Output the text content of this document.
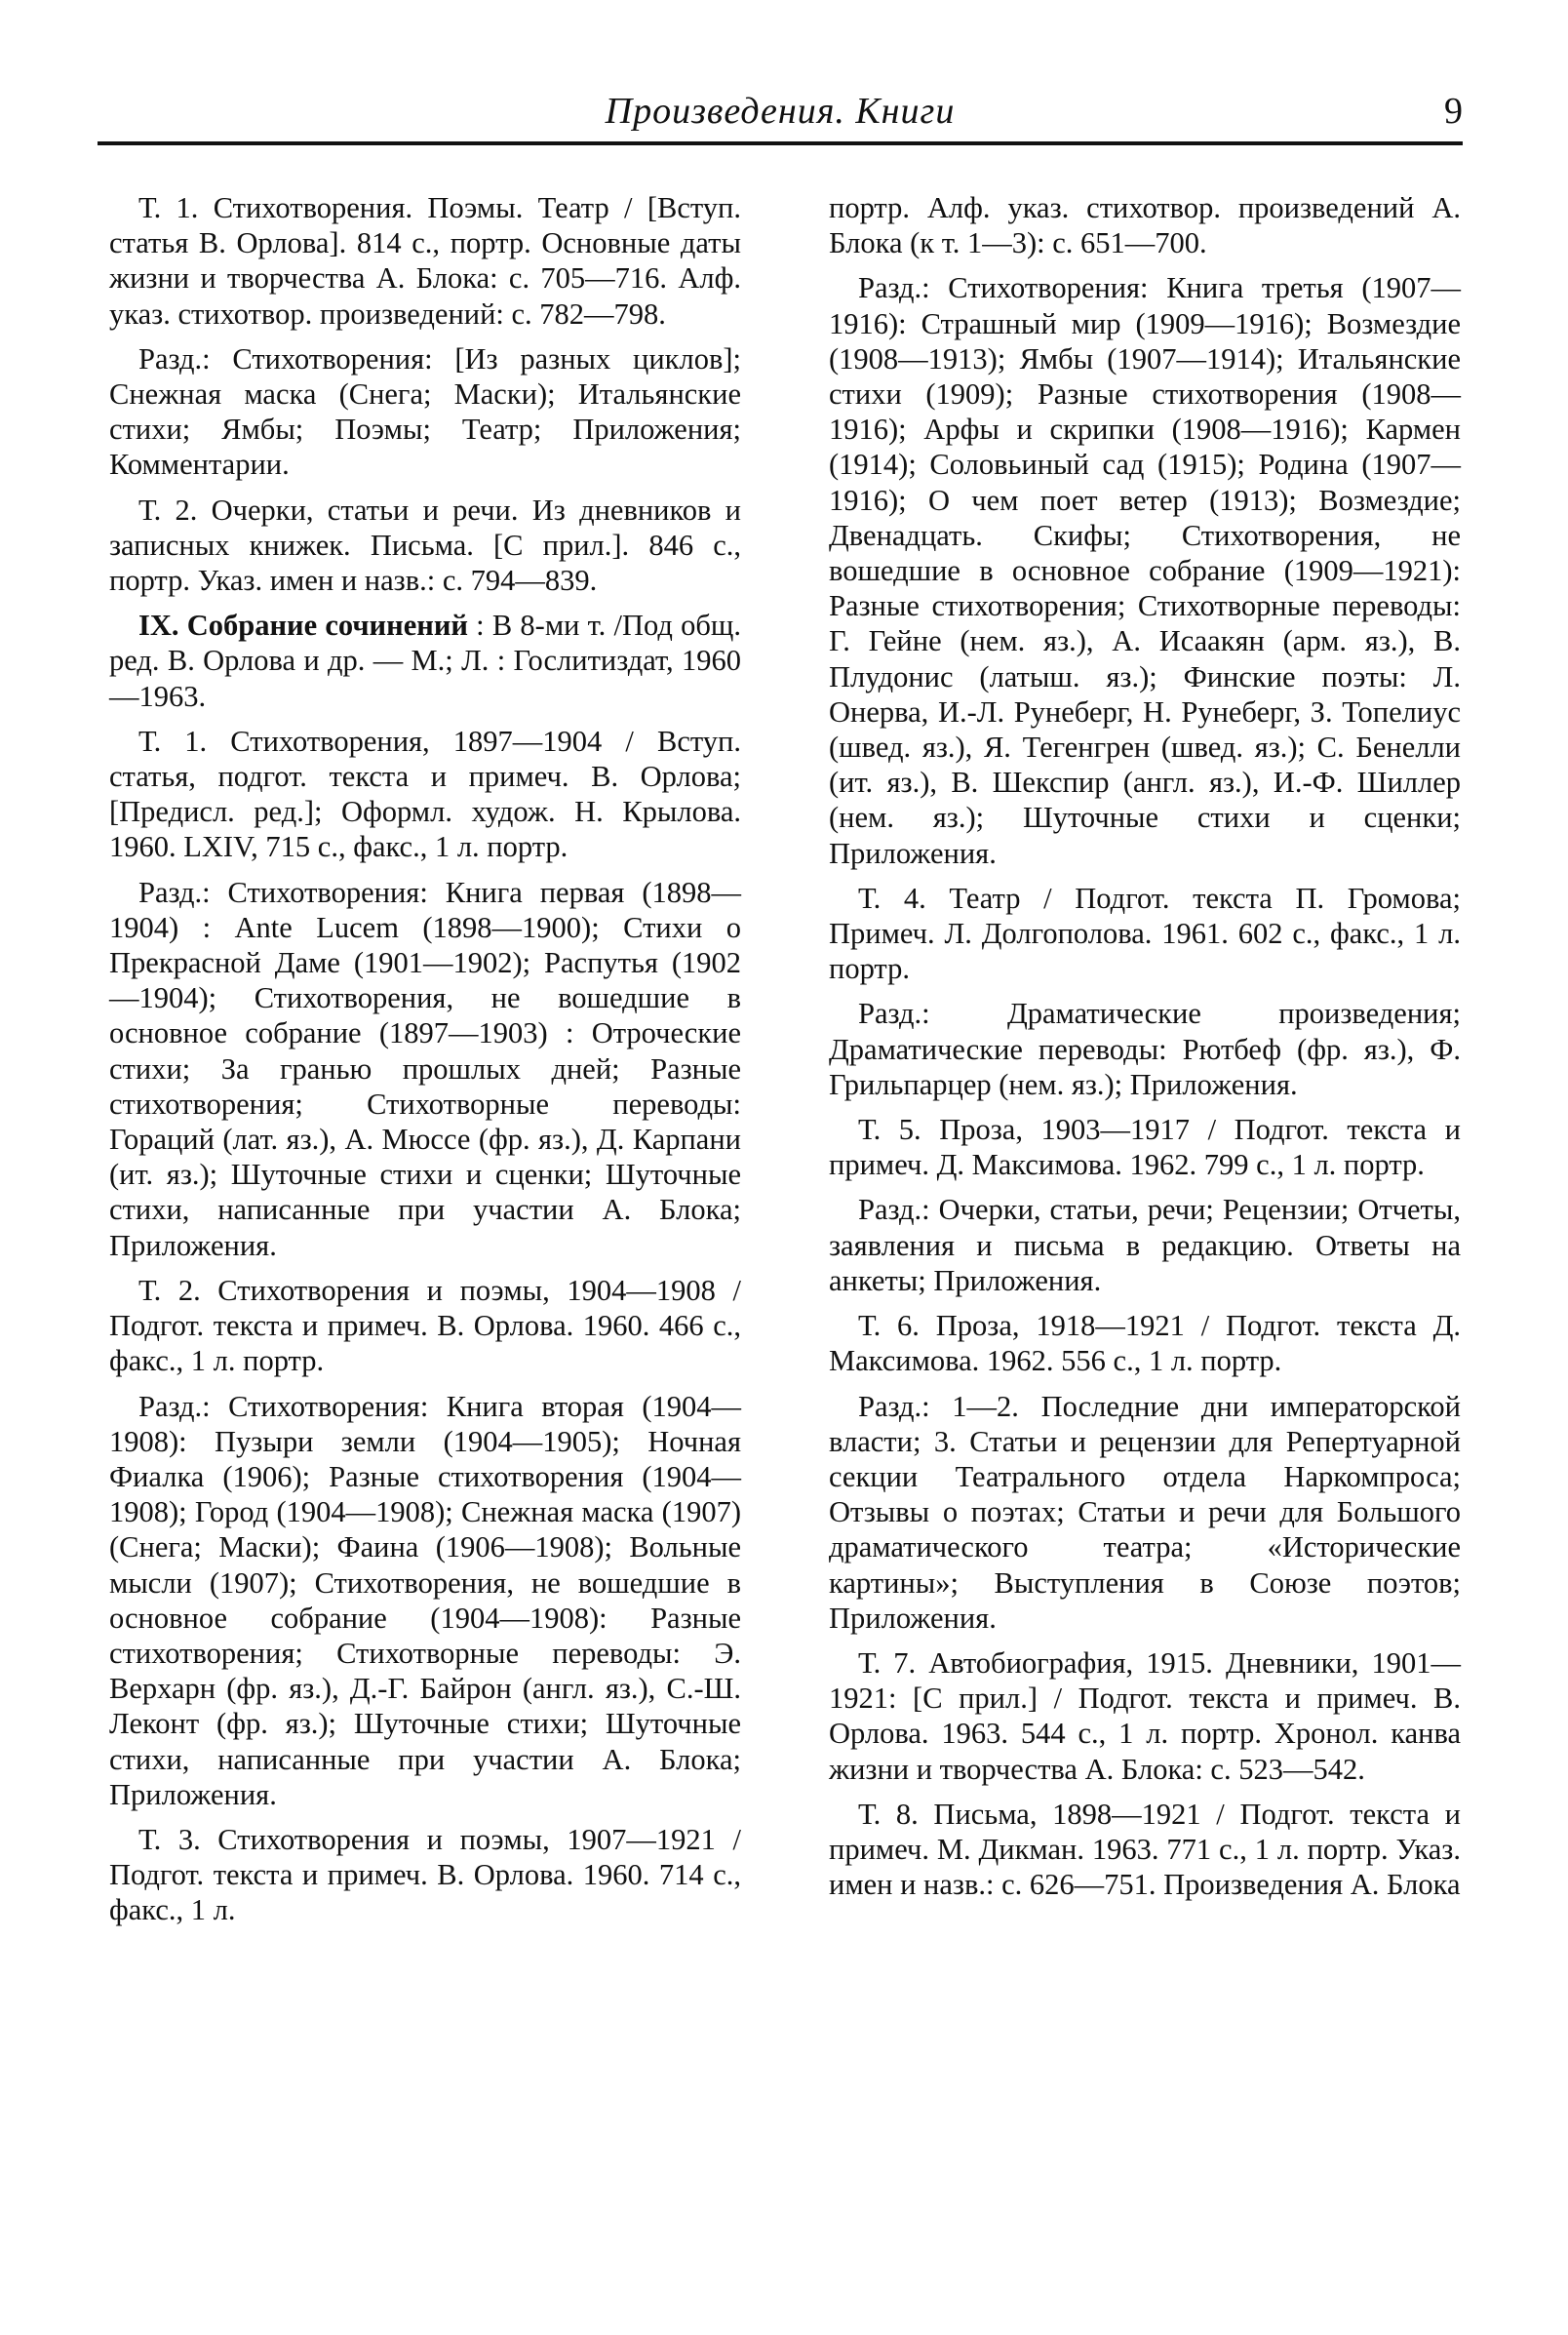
Произведения. Книги	9

Т. 1. Стихотворения. Поэмы. Театр / [Вступ. статья В. Орлова]. 814 с., портр. Основные даты жизни и творчества А. Блока: с. 705—716. Алф. указ. стихотвор. произведений: с. 782—798.

Разд.: Стихотворения: [Из разных циклов]; Снежная маска (Снега; Маски); Итальянские стихи; Ямбы; Поэмы; Театр; Приложения; Комментарии.

Т. 2. Очерки, статьи и речи. Из дневников и записных книжек. Письма. [С прил.]. 846 с., портр. Указ. имен и назв.: с. 794—839.

IX. Собрание сочинений : В 8-ми т. /Под общ. ред. В. Орлова и др. — М.; Л. : Гослитиздат, 1960—1963.

Т. 1. Стихотворения, 1897—1904 / Вступ. статья, подгот. текста и примеч. В. Орлова; [Предисл. ред.]; Оформл. худож. Н. Крылова. 1960. LXIV, 715 с., факс., 1 л. портр.

Разд.: Стихотворения: Книга первая (1898—1904) : Ante Lucem (1898—1900); Стихи о Прекрасной Даме (1901—1902); Распутья (1902—1904); Стихотворения, не вошедшие в основное собрание (1897—1903) : Отроческие стихи; За гранью прошлых дней; Разные стихотворения; Стихотворные переводы: Гораций (лат. яз.), А. Мюссе (фр. яз.), Д. Карпани (ит. яз.); Шуточные стихи и сценки; Шуточные стихи, написанные при участии А. Блока; Приложения.

Т. 2. Стихотворения и поэмы, 1904—1908 / Подгот. текста и примеч. В. Орлова. 1960. 466 с., факс., 1 л. портр.

Разд.: Стихотворения: Книга вторая (1904—1908): Пузыри земли (1904—1905); Ночная Фиалка (1906); Разные стихотворения (1904—1908); Город (1904—1908); Снежная маска (1907) (Снега; Маски); Фаина (1906—1908); Вольные мысли (1907); Стихотворения, не вошедшие в основное собрание (1904—1908): Разные стихотворения; Стихотворные переводы: Э. Верхарн (фр. яз.), Д.-Г. Байрон (англ. яз.), С.-Ш. Леконт (фр. яз.); Шуточные стихи; Шуточные стихи, написанные при участии А. Блока; Приложения.

Т. 3. Стихотворения и поэмы, 1907—1921 / Подгот. текста и примеч. В. Орлова. 1960. 714 с., факс., 1 л.

портр. Алф. указ. стихотвор. произведений А. Блока (к т. 1—3): с. 651—700.

Разд.: Стихотворения: Книга третья (1907—1916): Страшный мир (1909—1916); Возмездие (1908—1913); Ямбы (1907—1914); Итальянские стихи (1909); Разные стихотворения (1908—1916); Арфы и скрипки (1908—1916); Кармен (1914); Соловьиный сад (1915); Родина (1907—1916); О чем поет ветер (1913); Возмездие; Двенадцать. Скифы; Стихотворения, не вошедшие в основное собрание (1909—1921): Разные стихотворения; Стихотворные переводы: Г. Гейне (нем. яз.), А. Исаакян (арм. яз.), В. Плудонис (латыш. яз.); Финские поэты: Л. Онерва, И.-Л. Рунеберг, Н. Рунеберг, З. Топелиус (швед. яз.), Я. Тегенгрен (швед. яз.); С. Бенелли (ит. яз.), В. Шекспир (англ. яз.), И.-Ф. Шиллер (нем. яз.); Шуточные стихи и сценки; Приложения.

Т. 4. Театр / Подгот. текста П. Громова; Примеч. Л. Долгополова. 1961. 602 с., факс., 1 л. портр.

Разд.: Драматические произведения; Драматические переводы: Рютбеф (фр. яз.), Ф. Грильпарцер (нем. яз.); Приложения.

Т. 5. Проза, 1903—1917 / Подгот. текста и примеч. Д. Максимова. 1962. 799 с., 1 л. портр.

Разд.: Очерки, статьи, речи; Рецензии; Отчеты, заявления и письма в редакцию. Ответы на анкеты; Приложения.

Т. 6. Проза, 1918—1921 / Подгот. текста Д. Максимова. 1962. 556 с., 1 л. портр.

Разд.: 1—2. Последние дни императорской власти; 3. Статьи и рецензии для Репертуарной секции Театрального отдела Наркомпроса; Отзывы о поэтах; Статьи и речи для Большого драматического театра; «Исторические картины»; Выступления в Союзе поэтов; Приложения.

Т. 7. Автобиография, 1915. Дневники, 1901—1921: [С прил.] / Подгот. текста и примеч. В. Орлова. 1963. 544 с., 1 л. портр. Хронол. канва жизни и творчества А. Блока: с. 523—542.

Т. 8. Письма, 1898—1921 / Подгот. текста и примеч. М. Дикман. 1963. 771 с., 1 л. портр. Указ. имен и назв.: с. 626—751. Произведения А. Блока
